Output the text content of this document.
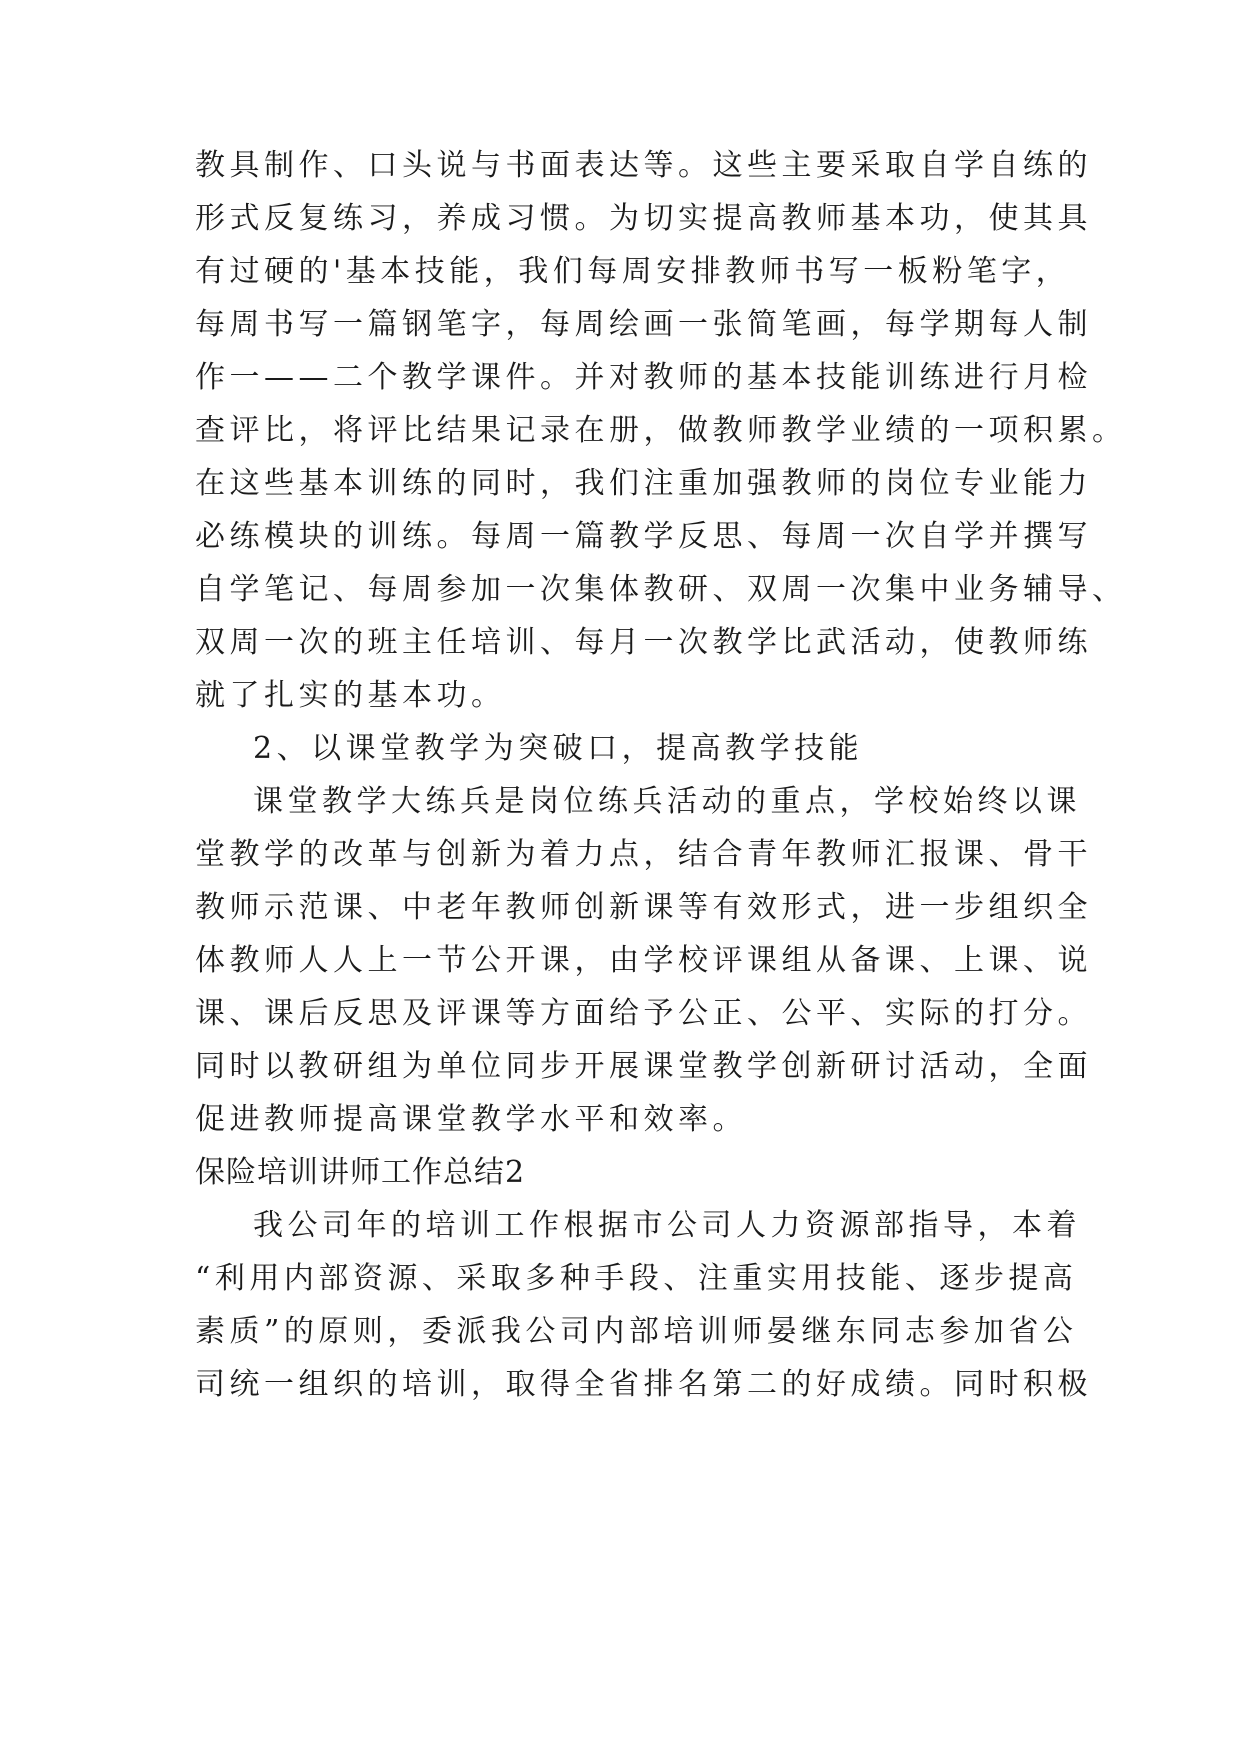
教具制作、口头说与书面表达等。这些主要采取自学自练的
形式反复练习，养成习惯。为切实提高教师基本功，使其具
有过硬的'基本技能，我们每周安排教师书写一板粉笔字，
每周书写一篇钢笔字，每周绘画一张简笔画，每学期每人制
作一——二个教学课件。并对教师的基本技能训练进行月检
查评比，将评比结果记录在册，做教师教学业绩的一项积累。
在这些基本训练的同时，我们注重加强教师的岗位专业能力
必练模块的训练。每周一篇教学反思、每周一次自学并撰写
自学笔记、每周参加一次集体教研、双周一次集中业务辅导、
双周一次的班主任培训、每月一次教学比武活动，使教师练
就了扎实的基本功。
2、以课堂教学为突破口，提高教学技能
课堂教学大练兵是岗位练兵活动的重点，学校始终以课
堂教学的改革与创新为着力点，结合青年教师汇报课、骨干
教师示范课、中老年教师创新课等有效形式，进一步组织全
体教师人人上一节公开课，由学校评课组从备课、上课、说
课、课后反思及评课等方面给予公正、公平、实际的打分。
同时以教研组为单位同步开展课堂教学创新研讨活动，全面
促进教师提高课堂教学水平和效率。
保险培训讲师工作总结2
我公司年的培训工作根据市公司人力资源部指导，本着
“利用内部资源、采取多种手段、注重实用技能、逐步提高
素质”的原则，委派我公司内部培训师晏继东同志参加省公
司统一组织的培训，取得全省排名第二的好成绩。同时积极
